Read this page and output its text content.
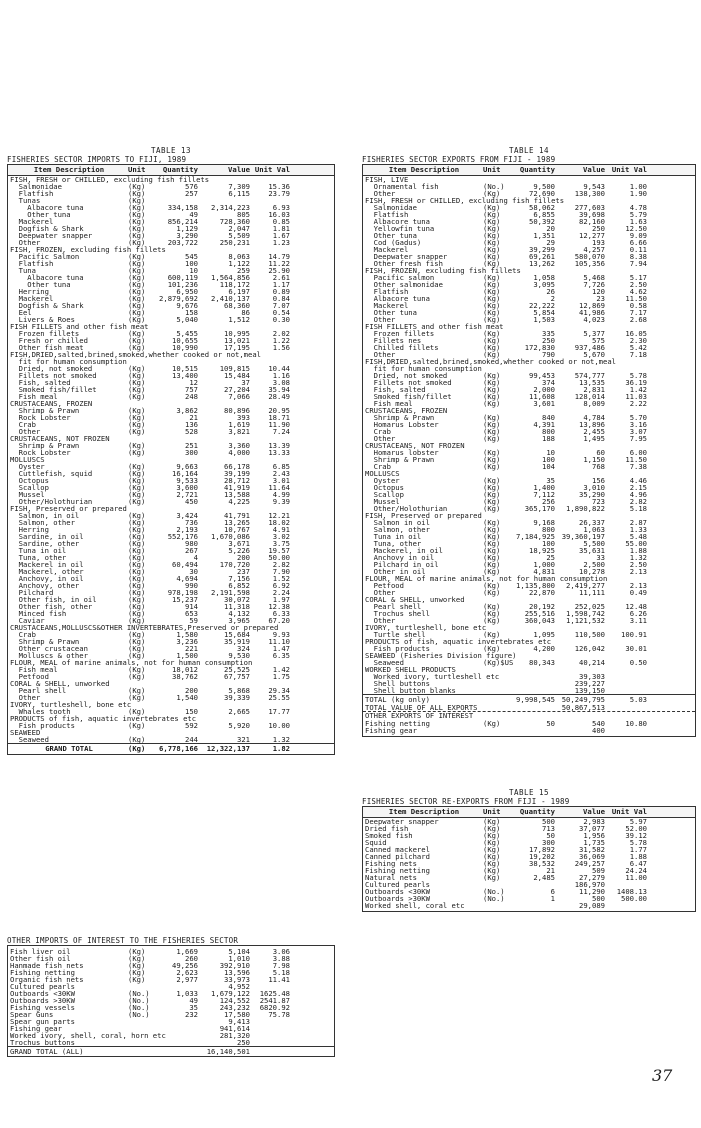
TABLE 13
FISHERIES SECTOR IMPORTS TO FIJI, 1989
Item Description	Unit	Quantity	Value Unit Val
FISH, FRESH or CHILLED, excluding fish fillets
Salmonidae	(Kg)	576	7,309	15.36
Flatfish	(Kg)	257	6,115	23.79
Tunas	(Kg)
Albacore tuna	(Kg)	334,158	2,314,223	6.93
Other tuna	(Kg)	49	805	16.03
Mackerel	(Kg)	856,214	728,360	0.85
Dogfish & Shark	(Kg)	1,129	2,047	1.81
Deepwater snapper	(Kg)	3,290	5,509	1.67
Other	(Kg)	203,722	250,231	1.23
FISH, FROZEN, excluding fish fillets
Pacific Salmon	(Kg)	545	8,063	14.79
Flatfish	(Kg)	100	1,122	11.22
Tuna	(Kg)	10	259	25.90
Albacore tuna	(Kg)	600,119	1,564,856	2.61
Other tuna	(Kg)	101,236	118,172	1.17
Herring	(Kg)	6,950	6,197	0.89
Mackerel	(Kg)	2,879,692	2,410,137	0.84
Dogfish & Shark	(Kg)	9,676	68,360	7.07
Eel	(Kg)	158	86	0.54
Livers & Roes	(Kg)	5,040	1,512	0.30
FISH FILLETS and other fish meat
Frozen fillets	(Kg)	5,455	10,995	2.02
Fresh or chilled	(Kg)	10,655	13,021	1.22
Other fish meat	(Kg)	10,990	17,195	1.56
FISH,DRIED,salted,brined,smoked,whether cooked or not,meal
fit for human consumption
Dried, not smoked	(Kg)	10,515	109,815	10.44
Fillets not smoked	(Kg)	13,400	15,484	1.16
Fish, salted	(Kg)	12	37	3.08
Smoked fish/fillet	(Kg)	757	27,204	35.94
Fish meal	(Kg)	248	7,066	28.49
CRUSTACEANS, FROZEN
Shrimp & Prawn	(Kg)	3,862	80,896	20.95
Rock Lobster	(Kg)	21	393	18.71
Crab	(Kg)	136	1,619	11.90
Other	(Kg)	528	3,821	7.24
CRUSTACEANS, NOT FROZEN
Shrimp & Prawn	(Kg)	251	3,360	13.39
Rock Lobster	(Kg)	300	4,000	13.33
MOLLUSCS
Oyster	(Kg)	9,663	66,178	6.85
Cuttlefish, squid	(Kg)	16,164	39,199	2.43
Octopus	(Kg)	9,533	28,712	3.01
Scallop	(Kg)	3,600	41,919	11.64
Mussel	(Kg)	2,721	13,588	4.99
Other/Holothurian	(Kg)	450	4,225	9.39
FISH, Preserved or prepared
Salmon, in oil	(Kg)	3,424	41,791	12.21
Salmon, other	(Kg)	736	13,265	18.02
Herring	(Kg)	2,193	10,767	4.91
Sardine, in oil	(Kg)	552,176	1,670,086	3.02
Sardine, other	(Kg)	980	3,671	3.75
Tuna in oil	(Kg)	267	5,226	19.57
Tuna, other	(Kg)	4	200	50.00
Mackerel in oil	(Kg)	60,494	170,720	2.82
Mackerel, other	(Kg)	30	237	7.90
Anchovy, in oil	(Kg)	4,694	7,156	1.52
Anchovy, other	(Kg)	990	6,852	6.92
Pilchard	(Kg)	978,198	2,191,598	2.24
Other fish, in oil	(Kg)	15,237	30,072	1.97
Other fish, other	(Kg)	914	11,318	12.38
Minced fish	(Kg)	653	4,132	6.33
Caviar	(Kg)	59	3,965	67.20
CRUSTACEANS,MOLLUSCS&OTHER INVERTEBRATES,Preserved or prepared
Crab	(Kg)	1,580	15,684	9.93
Shrimp & Prawn	(Kg)	3,236	35,919	11.10
Other crustacean	(Kg)	221	324	1.47
Molluscs & other	(Kg)	1,500	9,530	6.35
FLOUR, MEAL of marine animals, not for human consumption
Fish meal	(Kg)	18,012	25,525	1.42
Petfood	(Kg)	38,762	67,757	1.75
CORAL & SHELL, unworked
Pearl shell	(Kg)	200	5,868	29.34
Other	(Kg)	1,540	39,339	25.55
IVORY, turtleshell, bone etc
Whales tooth	(Kg)	150	2,665	17.77
PRODUCTS of fish, aquatic invertebrates etc
Fish products	(Kg)	592	5,920	10.00
SEAWEED
Seaweed	(Kg)	244	321	1.32
GRAND TOTAL	(Kg)	6,778,166	12,322,137	1.82
OTHER IMPORTS OF INTEREST TO THE FISHERIES SECTOR
Fish liver oil	(Kg)	1,669	5,104	3.06
Other fish oil	(Kg)	260	1,010	3.88
Hanmade fish nets	(Kg)	49,256	392,910	7.98
Fishing netting	(Kg)	2,623	13,596	5.18
Organic fish nets	(Kg)	2,977	33,973	11.41
Cultured pearls	4,952
Outboards <30KW	(No.)	1,033	1,679,122	1625.48
Outboards >30KW	(No.)	49	124,552	2541.87
Fishing vessels	(No.)	35	243,232	6820.92
Spear Guns	(No.)	232	17,580	75.78
Spear gun parts	9,413
Fishing gear	941,614
Worked ivory, shell, coral, horn etc	281,320
Trochus buttons	250
GRAND TOTAL (ALL)	16,140,501
TABLE 14
FISHERIES SECTOR EXPORTS FROM FIJI - 1989
Item Description	Unit	Quantity	Value Unit Val
FISH, LIVE
Ornamental fish	(No.)	9,500	9,543	1.00
Other	(Kg)	72,690	138,300	1.90
FISH, FRESH or CHILLED, excluding fish fillets
Salmonidae	(Kg)	58,062	277,603	4.78
Flatfish	(Kg)	6,855	39,698	5.79
Albacore tuna	(Kg)	50,392	82,160	1.63
Yellowfin tuna	(Kg)	20	250	12.50
Other tuna	(Kg)	1,351	12,277	9.09
Cod (Gadus)	(Kg)	29	193	6.66
Mackerel	(Kg)	39,299	4,257	0.11
Deepwater snapper	(Kg)	69,261	580,070	8.38
Other fresh fish	(Kg)	13,262	105,356	7.94
FISH, FROZEN, excluding fish fillets
Pacific salmon	(Kg)	1,058	5,468	5.17
Other salmonidae	(Kg)	3,095	7,726	2.50
Flatfish	(Kg)	26	120	4.62
Albacore tuna	(Kg)	2	23	11.50
Mackerel	(Kg)	22,222	12,869	0.58
Other tuna	(Kg)	5,854	41,986	7.17
Other	(Kg)	1,503	4,023	2.68
FISH FILLETS and other fish meat
Frozen fillets	(Kg)	335	5,377	16.05
Fillets nes	(Kg)	250	575	2.30
Chilled fillets	(Kg)	172,830	937,486	5.42
Other	(Kg)	790	5,670	7.18
FISH,DRIED,salted,brined,smoked,whether cooked or not,meal
fit for human consumption
Dried, not smoked	(Kg)	99,453	574,777	5.78
Fillets not smoked	(Kg)	374	13,535	36.19
Fish, salted	(Kg)	2,000	2,831	1.42
Smoked fish/fillet	(Kg)	11,608	128,014	11.03
Fish meal	(Kg)	3,601	8,009	2.22
CRUSTACEANS, FROZEN
Shrimp & Prawn	(Kg)	840	4,784	5.70
Homarus Lobster	(Kg)	4,391	13,896	3.16
Crab	(Kg)	800	2,455	3.07
Other	(Kg)	188	1,495	7.95
CRUSTACEANS, NOT FROZEN
Homarus lobster	(Kg)	10	60	6.00
Shrimp & Prawn	(Kg)	100	1,150	11.50
Crab	(Kg)	104	768	7.38
MOLLUSCS
Oyster	(Kg)	35	156	4.46
Octopus	(Kg)	1,400	3,010	2.15
Scallop	(Kg)	7,112	35,290	4.96
Mussel	(Kg)	256	723	2.82
Other/Holothurian	(Kg)	365,170	1,890,822	5.18
FISH, Preserved or prepared
Salmon in oil	(Kg)	9,168	26,337	2.87
Salmon, other	(Kg)	800	1,063	1.33
Tuna in oil	(Kg)	7,184,925 39,360,197	5.48
Tuna, other	(Kg)	100	5,500	55.00
Mackerel, in oil	(Kg)	18,925	35,631	1.88
Anchovy in oil	(Kg)	25	33	1.32
Pilchard in oil	(Kg)	1,000	2,500	2.50
Other in oil	(Kg)	4,831	10,278	2.13
FLOUR, MEAL of marine animals, not for human consumption
Petfood	(Kg)	1,135,800	2,419,277	2.13
Other	(Kg)	22,870	11,111	0.49
CORAL & SHELL, unworked
Pearl shell	(Kg)	20,192	252,025	12.48
Trochus shell	(Kg)	255,516	1,598,742	6.26
Other	(Kg)	360,043	1,121,532	3.11
IVORY, turtleshell, bone etc
Turtle shell	(Kg)	1,095	110,500	100.91
PRODUCTS of fish, aquatic invertebrates etc
Fish products	(Kg)	4,200	126,042	30.01
SEAWEED (Fisheries Division figure)
Seaweed	(Kg)$US	80,343	40,214	0.50
WORKED SHELL PRODUCTS
Worked ivory, turtleshell etc	39,303
Shell buttons	239,227
Shell button blanks	139,150
TOTAL (kg only)	9,998,545 50,249,795	5.03
TOTAL VALUE OF ALL EXPORTS	50,867,513
OTHER EXPORTS OF INTEREST
Fishing netting	(Kg)	50	540	10.80
Fishing gear	400
TABLE 15
FISHERIES SECTOR RE-EXPORTS FROM FIJI - 1989
Item Description	Unit	Quantity	Value Unit Val
Deepwater snapper	(Kg)	500	2,983	5.97
Dried fish	(Kg)	713	37,077	52.00
Smoked fish	(Kg)	50	1,956	39.12
Squid	(Kg)	300	1,735	5.78
Canned mackerel	(Kg)	17,892	31,582	1.77
Canned pilchard	(Kg)	19,202	36,069	1.88
Fishing nets	(Kg)	38,532	249,257	6.47
Fishing netting	(Kg)	21	509	24.24
Natural nets	(Kg)	2,485	27,279	11.00
Cultured pearls	186,970
Outboards <30KW	(No.)	6	11,290	1408.13
Outboards >30KW	(No.)	1	500	500.00
Worked shell, coral etc	29,089
37
